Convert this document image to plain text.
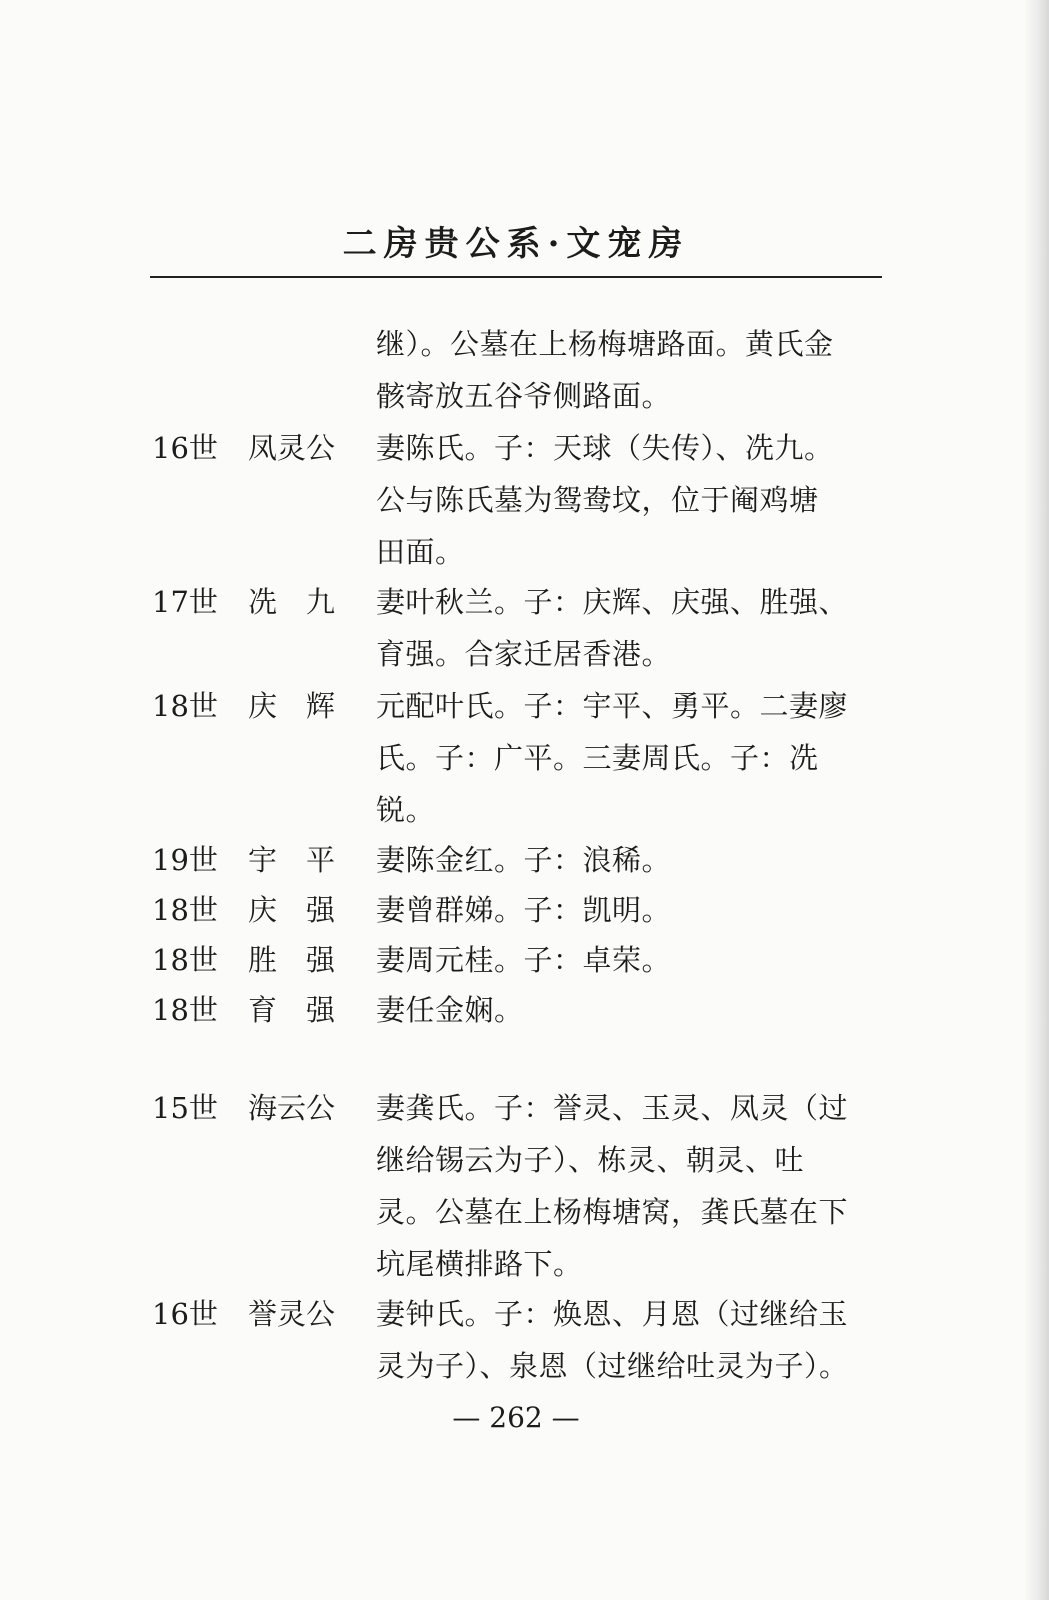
二房贵公系·文宠房
继）。公墓在上杨梅塘路面。黄氏金
骸寄放五谷爷侧路面。
16世	凤灵公	妻陈氏。子：天球（失传）、冼九。
公与陈氏墓为鸳鸯坟，位于阉鸡塘
田面。
17世	冼　九	妻叶秋兰。子：庆辉、庆强、胜强、
育强。合家迁居香港。
18世	庆　辉	元配叶氏。子：宇平、勇平。二妻廖
氏。子：广平。三妻周氏。子：冼
锐。
19世	宇　平	妻陈金红。子：浪稀。
18世	庆　强	妻曾群娣。子：凯明。
18世	胜　强	妻周元桂。子：卓荣。
18世	育　强	妻任金娴。
15世	海云公	妻龚氏。子：誉灵、玉灵、凤灵（过
继给锡云为子）、栋灵、朝灵、吐
灵。公墓在上杨梅塘窝，龚氏墓在下
坑尾横排路下。
16世	誉灵公	妻钟氏。子：焕恩、月恩（过继给玉
灵为子）、泉恩（过继给吐灵为子）。
— 262 —
